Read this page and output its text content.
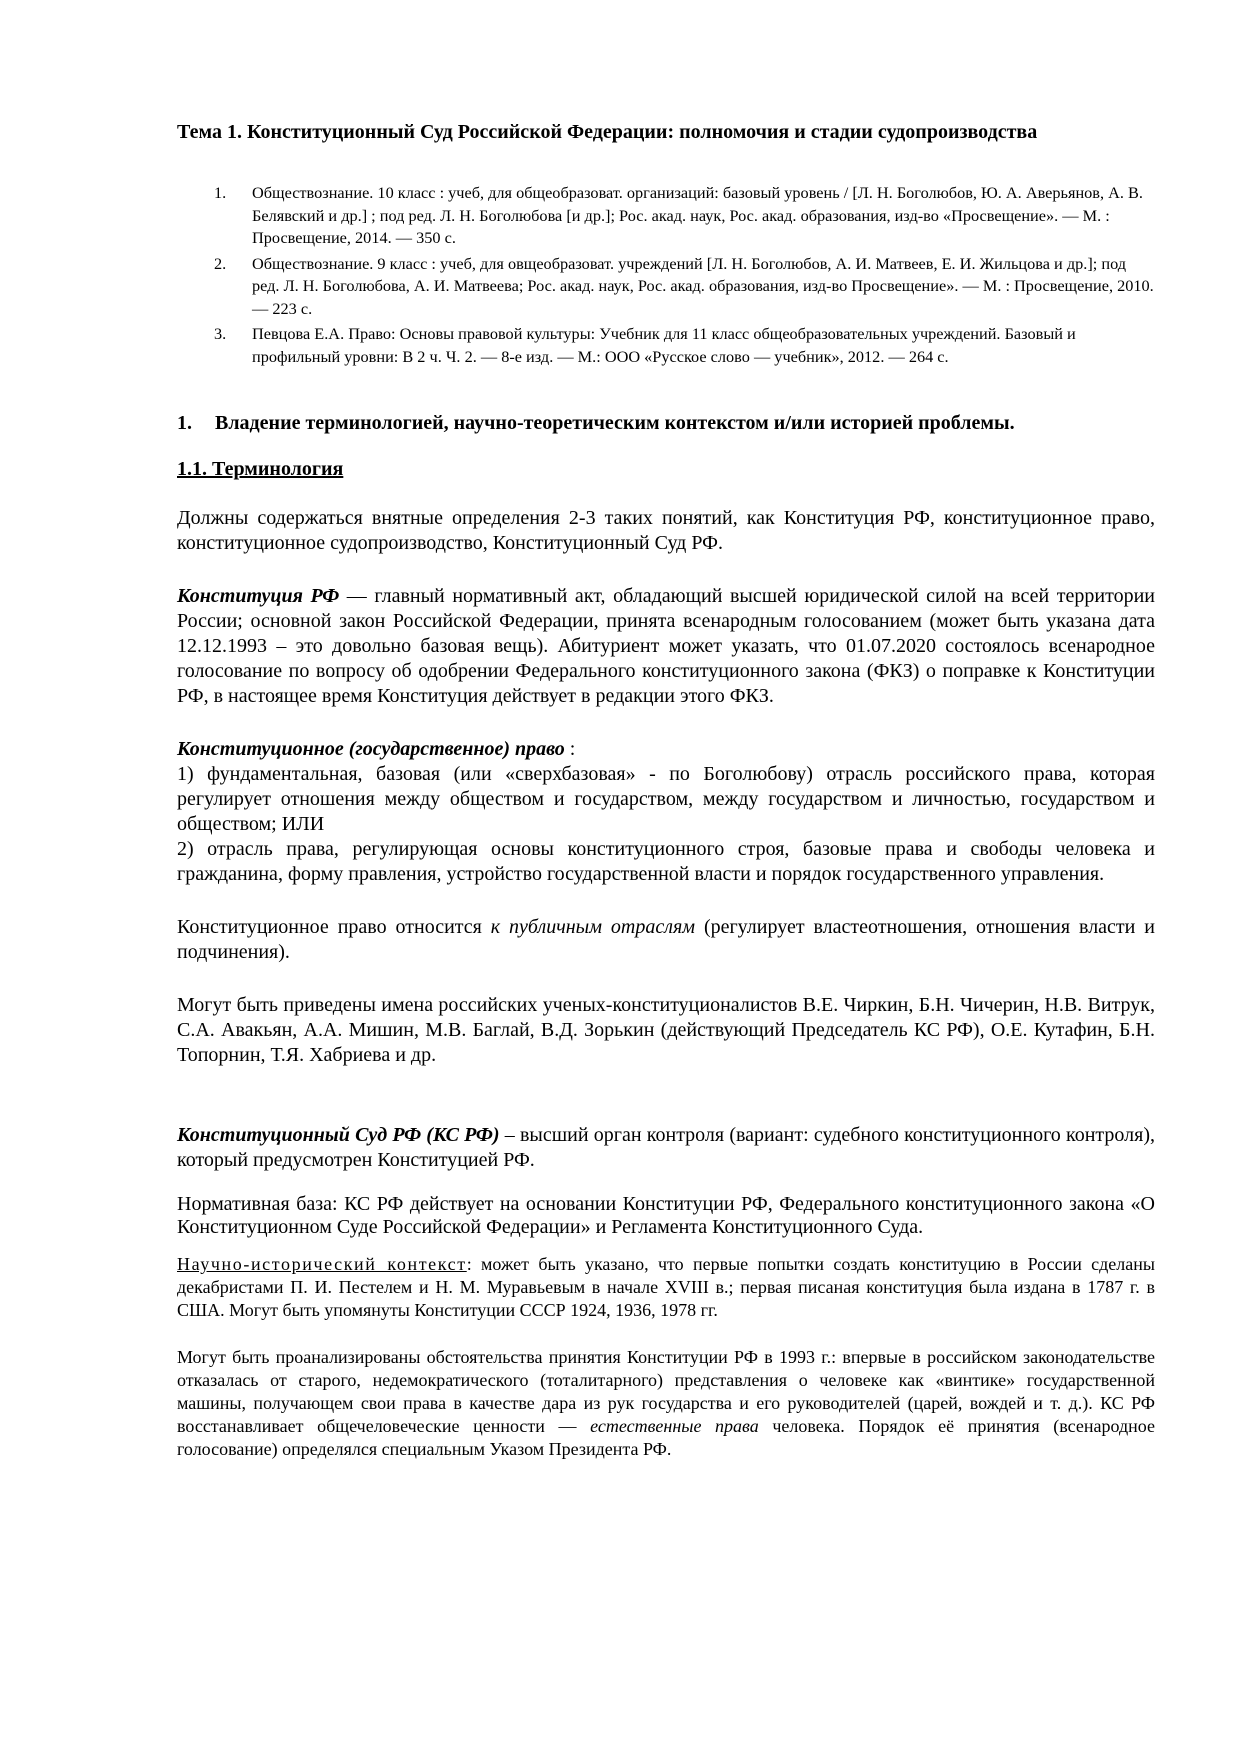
Тема 1. Конституционный Суд Российской Федерации: полномочия и стадии судопроизводства

1. Обществознание. 10 класс : учеб, для общеобразоват. организаций: базовый уровень / [Л. Н. Боголюбов, Ю. А. Аверьянов, А. В. Белявский и др.] ; под ред. Л. Н. Боголюбова [и др.]; Рос. акад. наук, Рос. акад. образования, изд-во «Просвещение». — М. : Просвещение, 2014. — 350 с.
2. Обществознание. 9 класс : учеб, для овщеобразоват. учреждений [Л. Н. Боголюбов, А. И. Матвеев, Е. И. Жильцова и др.]; под ред. Л. Н. Боголюбова, А. И. Матвеева; Рос. акад. наук, Рос. акад. образования, изд-во Просвещение». — М. : Просвещение, 2010. — 223 с.
3. Певцова Е.А. Право: Основы правовой культуры: Учебник для 11 класс общеобразовательных учреждений. Базовый и профильный уровни: В 2 ч. Ч. 2. — 8-е изд. — М.: ООО «Русское слово — учебник», 2012. — 264 с.
1. Владение терминологией, научно-теоретическим контекстом и/или историей проблемы.
1.1. Терминология

Должны содержаться внятные определения 2-3 таких понятий, как Конституция РФ, конституционное право, конституционное судопроизводство, Конституционный Суд РФ.

Конституция РФ — главный нормативный акт, обладающий высшей юридической силой на всей территории России; основной закон Российской Федерации, принята всенародным голосованием (может быть указана дата 12.12.1993 – это довольно базовая вещь). Абитуриент может указать, что 01.07.2020 состоялось всенародное голосование по вопросу об одобрении Федерального конституционного закона (ФКЗ) о поправке к Конституции РФ, в настоящее время Конституция действует в редакции этого ФКЗ.

Конституционное (государственное) право :

1) фундаментальная, базовая (или «сверхбазовая» - по Боголюбову) отрасль российского права, которая регулирует отношения между обществом и государством, между государством и личностью, государством и обществом; ИЛИ

2) отрасль права, регулирующая основы конституционного строя, базовые права и свободы человека и гражданина, форму правления, устройство государственной власти и порядок государственного управления.

Конституционное право относится к публичным отраслям (регулирует властеотношения, отношения власти и подчинения).

Могут быть приведены имена российских ученых-конституционалистов В.Е. Чиркин, Б.Н. Чичерин, Н.В. Витрук, С.А. Авакьян, А.А. Мишин, М.В. Баглай, В.Д. Зорькин (действующий Председатель КС РФ), О.Е. Кутафин, Б.Н. Топорнин, Т.Я. Хабриева и др.

Конституционный Суд РФ (КС РФ) – высший орган контроля (вариант: судебного конституционного контроля), который предусмотрен Конституцией РФ.

Нормативная база: КС РФ действует на основании Конституции РФ, Федерального конституционного закона «О Конституционном Суде Российской Федерации» и Регламента Конституционного Суда.

Научно-исторический контекст: может быть указано, что первые попытки создать конституцию в России сделаны декабристами П. И. Пестелем и Н. М. Муравьевым в начале XVIII в.; первая писаная конституция была издана в 1787 г. в США. Могут быть упомянуты Конституции СССР 1924, 1936, 1978 гг.

Могут быть проанализированы обстоятельства принятия Конституции РФ в 1993 г.: впервые в российском законодательстве отказалась от старого, недемократического (тоталитарного) представления о человеке как «винтике» государственной машины, получающем свои права в качестве дара из рук государства и его руководителей (царей, вождей и т. д.). КС РФ восстанавливает общечеловеческие ценности — естественные права человека. Порядок её принятия (всенародное голосование) определялся специальным Указом Президента РФ.
